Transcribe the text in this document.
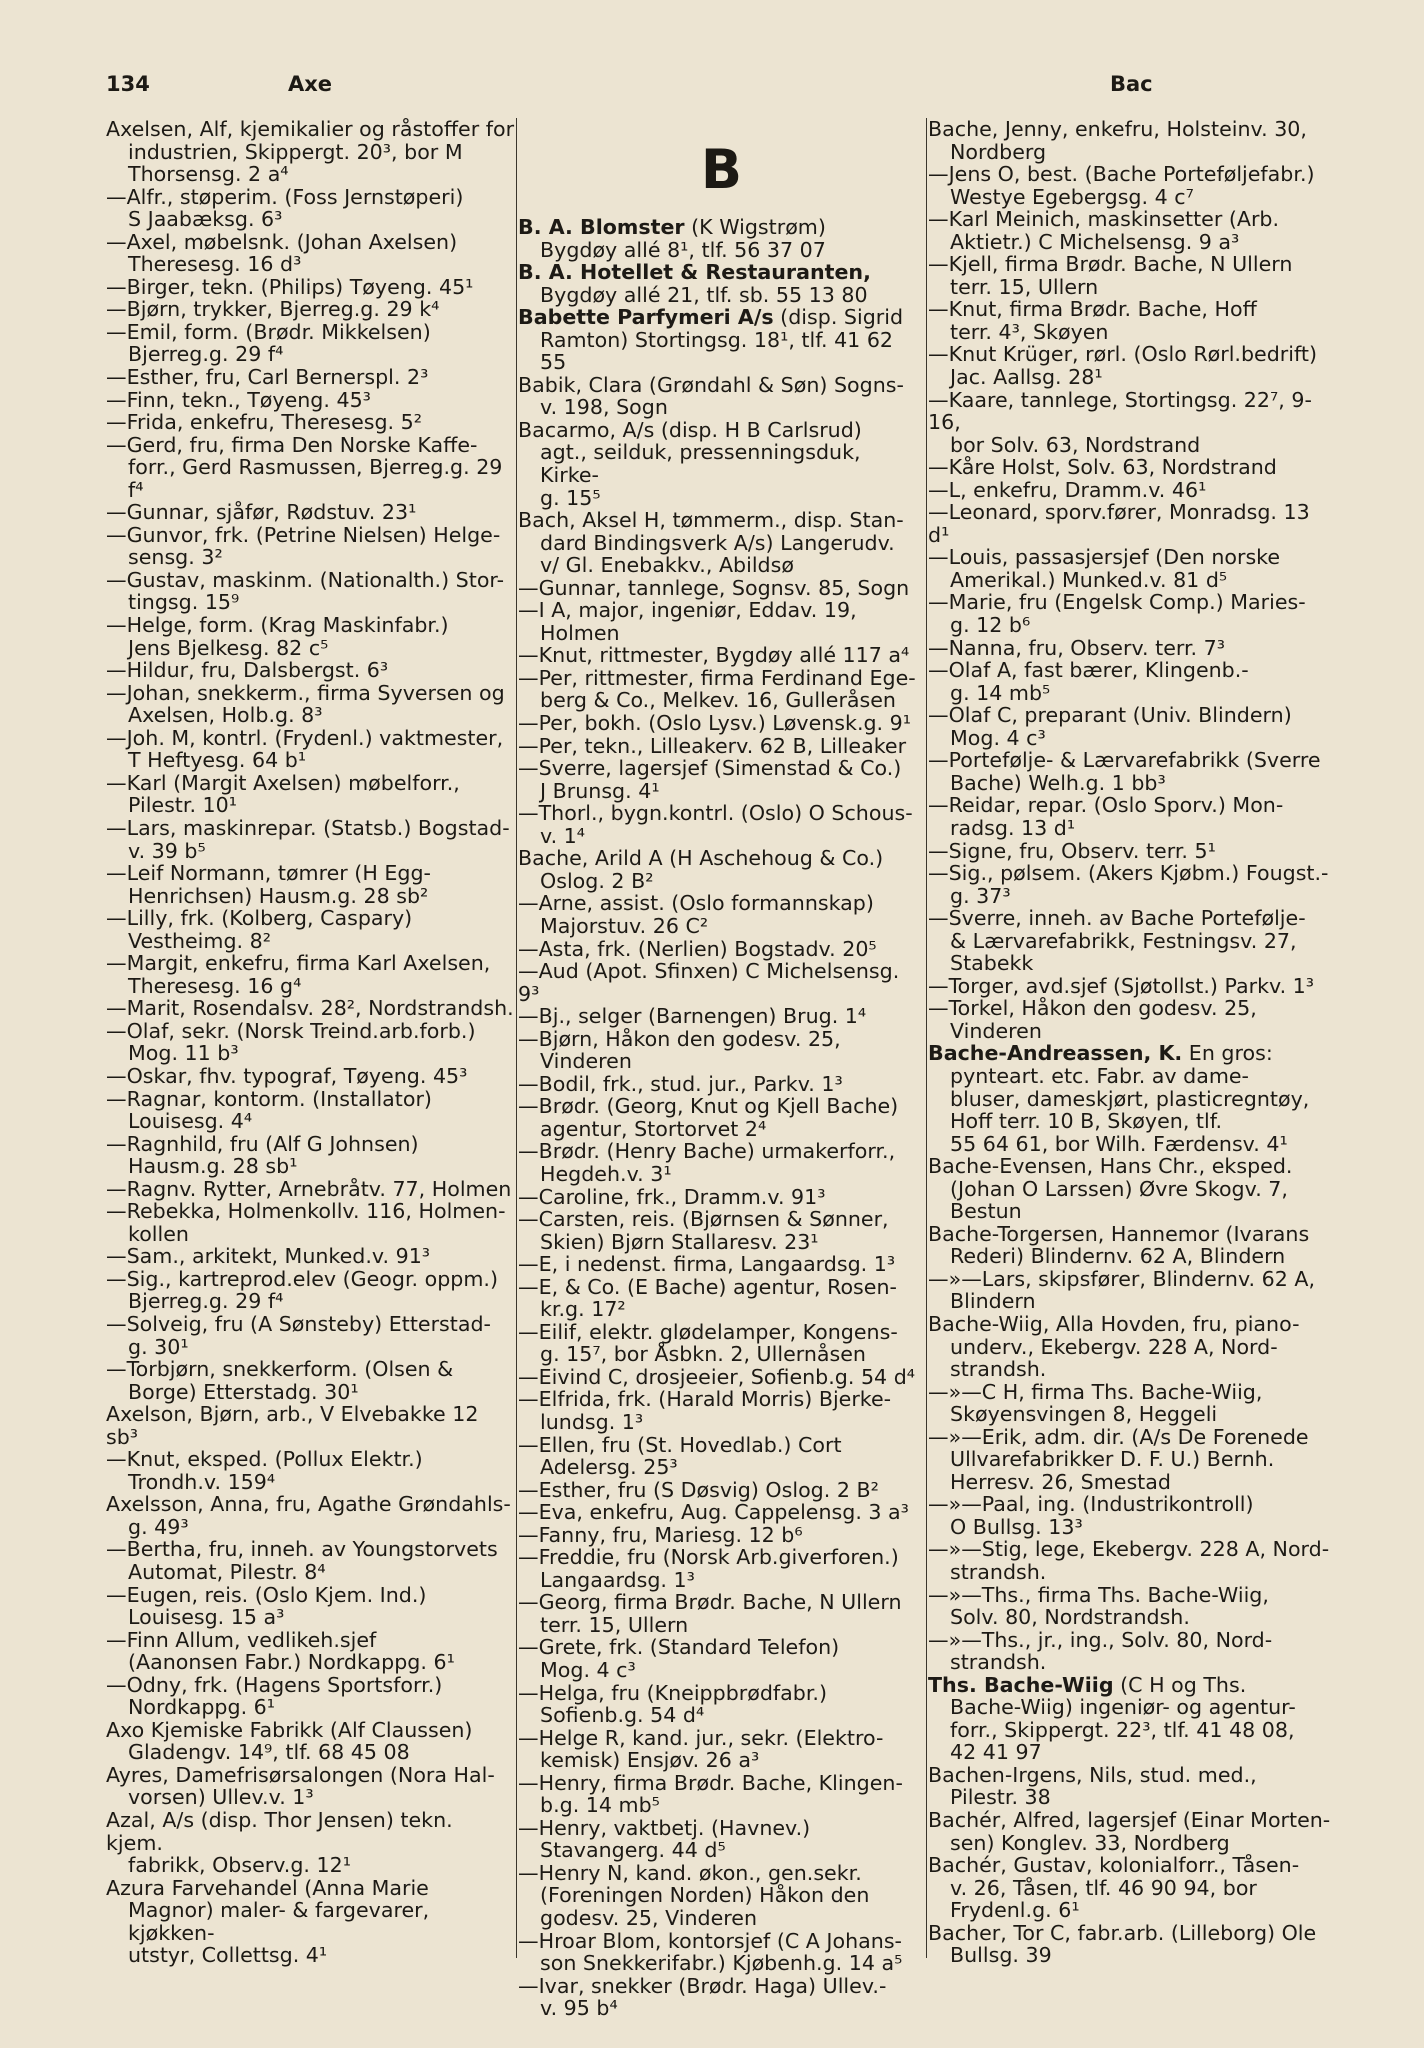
134	Axe	Bac
Axelsen, Alf, kjemikalier og råstoffer for
industrien, Skippergt. 20³, bor M
Thorsensg. 2 a⁴
—Alfr., støperim. (Foss Jernstøperi)
S Jaabæksg. 6³
—Axel, møbelsnk. (Johan Axelsen)
Theresesg. 16 d³
—Birger, tekn. (Philips) Tøyeng. 45¹
—Bjørn, trykker, Bjerreg.g. 29 k⁴
—Emil, form. (Brødr. Mikkelsen)
Bjerreg.g. 29 f⁴
—Esther, fru, Carl Bernerspl. 2³
—Finn, tekn., Tøyeng. 45³
—Frida, enkefru, Theresesg. 5²
—Gerd, fru, firma Den Norske Kaffe-
forr., Gerd Rasmussen, Bjerreg.g. 29 f⁴
—Gunnar, sjåfør, Rødstuv. 23¹
—Gunvor, frk. (Petrine Nielsen) Helge-
sensg. 3²
—Gustav, maskinm. (Nationalth.) Stor-
tingsg. 15⁹
—Helge, form. (Krag Maskinfabr.)
Jens Bjelkesg. 82 c⁵
—Hildur, fru, Dalsbergst. 6³
—Johan, snekkerm., firma Syversen og
Axelsen, Holb.g. 8³
—Joh. M, kontrl. (Frydenl.) vaktmester,
T Heftyesg. 64 b¹
—Karl (Margit Axelsen) møbelforr.,
Pilestr. 10¹
—Lars, maskinrepar. (Statsb.) Bogstad-
v. 39 b⁵
—Leif Normann, tømrer (H Egg-
Henrichsen) Hausm.g. 28 sb²
—Lilly, frk. (Kolberg, Caspary)
Vestheimg. 8²
—Margit, enkefru, firma Karl Axelsen,
Theresesg. 16 g⁴
—Marit, Rosendalsv. 28², Nordstrandsh.
—Olaf, sekr. (Norsk Treind.arb.forb.)
Mog. 11 b³
—Oskar, fhv. typograf, Tøyeng. 45³
—Ragnar, kontorm. (Installator)
Louisesg. 4⁴
—Ragnhild, fru (Alf G Johnsen)
Hausm.g. 28 sb¹
—Ragnv. Rytter, Arnebråtv. 77, Holmen
—Rebekka, Holmenkollv. 116, Holmen-
kollen
—Sam., arkitekt, Munked.v. 91³
—Sig., kartreprod.elev (Geogr. oppm.)
Bjerreg.g. 29 f⁴
—Solveig, fru (A Sønsteby) Etterstad-
g. 30¹
—Torbjørn, snekkerform. (Olsen &
Borge) Etterstadg. 30¹
Axelson, Bjørn, arb., V Elvebakke 12 sb³
—Knut, eksped. (Pollux Elektr.)
Trondh.v. 159⁴
Axelsson, Anna, fru, Agathe Grøndahls-
g. 49³
—Bertha, fru, inneh. av Youngstorvets
Automat, Pilestr. 8⁴
—Eugen, reis. (Oslo Kjem. Ind.)
Louisesg. 15 a³
—Finn Allum, vedlikeh.sjef
(Aanonsen Fabr.) Nordkappg. 6¹
—Odny, frk. (Hagens Sportsforr.)
Nordkappg. 6¹
Axo Kjemiske Fabrikk (Alf Claussen)
Gladengv. 14⁹, tlf. 68 45 08
Ayres, Damefrisørsalongen (Nora Hal-
vorsen) Ullev.v. 1³
Azal, A/s (disp. Thor Jensen) tekn. kjem.
fabrikk, Observ.g. 12¹
Azura Farvehandel (Anna Marie
Magnor) maler- & fargevarer, kjøkken-
utstyr, Collettsg. 4¹
B
B. A. Blomster (K Wigstrøm)
Bygdøy allé 8¹, tlf. 56 37 07
B. A. Hotellet & Restauranten,
Bygdøy allé 21, tlf. sb. 55 13 80
Babette Parfymeri A/s (disp. Sigrid
Ramton) Stortingsg. 18¹, tlf. 41 62 55
Babik, Clara (Grøndahl & Søn) Sogns-
v. 198, Sogn
Bacarmo, A/s (disp. H B Carlsrud)
agt., seilduk, pressenningsduk, Kirke-
g. 15⁵
Bach, Aksel H, tømmerm., disp. Stan-
dard Bindingsverk A/s) Langerudv.
v/ Gl. Enebakkv., Abildsø
—Gunnar, tannlege, Sognsv. 85, Sogn
—I A, major, ingeniør, Eddav. 19,
Holmen
—Knut, rittmester, Bygdøy allé 117 a⁴
—Per, rittmester, firma Ferdinand Ege-
berg & Co., Melkev. 16, Gulleråsen
—Per, bokh. (Oslo Lysv.) Løvensk.g. 9¹
—Per, tekn., Lilleakerv. 62 B, Lilleaker
—Sverre, lagersjef (Simenstad & Co.)
J Brunsg. 4¹
—Thorl., bygn.kontrl. (Oslo) O Schous-
v. 1⁴
Bache, Arild A (H Aschehoug & Co.)
Oslog. 2 B²
—Arne, assist. (Oslo formannskap)
Majorstuv. 26 C²
—Asta, frk. (Nerlien) Bogstadv. 20⁵
—Aud (Apot. Sfinxen) C Michelsensg. 9³
—Bj., selger (Barnengen) Brug. 1⁴
—Bjørn, Håkon den godesv. 25,
Vinderen
—Bodil, frk., stud. jur., Parkv. 1³
—Brødr. (Georg, Knut og Kjell Bache)
agentur, Stortorvet 2⁴
—Brødr. (Henry Bache) urmakerforr.,
Hegdeh.v. 3¹
—Caroline, frk., Dramm.v. 91³
—Carsten, reis. (Bjørnsen & Sønner,
Skien) Bjørn Stallaresv. 23¹
—E, i nedenst. firma, Langaardsg. 1³
—E, & Co. (E Bache) agentur, Rosen-
kr.g. 17²
—Eilif, elektr. glødelamper, Kongens-
g. 15⁷, bor Åsbkn. 2, Ullernåsen
—Eivind C, drosjeeier, Sofienb.g. 54 d⁴
—Elfrida, frk. (Harald Morris) Bjerke-
lundsg. 1³
—Ellen, fru (St. Hovedlab.) Cort
Adelersg. 25³
—Esther, fru (S Døsvig) Oslog. 2 B²
—Eva, enkefru, Aug. Cappelensg. 3 a³
—Fanny, fru, Mariesg. 12 b⁶
—Freddie, fru (Norsk Arb.giverforen.)
Langaardsg. 1³
—Georg, firma Brødr. Bache, N Ullern
terr. 15, Ullern
—Grete, frk. (Standard Telefon)
Mog. 4 c³
—Helga, fru (Kneippbrødfabr.)
Sofienb.g. 54 d⁴
—Helge R, kand. jur., sekr. (Elektro-
kemisk) Ensjøv. 26 a³
—Henry, firma Brødr. Bache, Klingen-
b.g. 14 mb⁵
—Henry, vaktbetj. (Havnev.)
Stavangerg. 44 d⁵
—Henry N, kand. økon., gen.sekr.
(Foreningen Norden) Håkon den
godesv. 25, Vinderen
—Hroar Blom, kontorsjef (C A Johans-
son Snekkerifabr.) Kjøbenh.g. 14 a⁵
—Ivar, snekker (Brødr. Haga) Ullev.-
v. 95 b⁴
Bache, Jenny, enkefru, Holsteinv. 30,
Nordberg
—Jens O, best. (Bache Porteføljefabr.)
Westye Egebergsg. 4 c⁷
—Karl Meinich, maskinsetter (Arb.
Aktietr.) C Michelsensg. 9 a³
—Kjell, firma Brødr. Bache, N Ullern
terr. 15, Ullern
—Knut, firma Brødr. Bache, Hoff
terr. 4³, Skøyen
—Knut Krüger, rørl. (Oslo Rørl.bedrift)
Jac. Aallsg. 28¹
—Kaare, tannlege, Stortingsg. 22⁷, 9-16,
bor Solv. 63, Nordstrand
—Kåre Holst, Solv. 63, Nordstrand
—L, enkefru, Dramm.v. 46¹
—Leonard, sporv.fører, Monradsg. 13 d¹
—Louis, passasjersjef (Den norske
Amerikal.) Munked.v. 81 d⁵
—Marie, fru (Engelsk Comp.) Maries-
g. 12 b⁶
—Nanna, fru, Observ. terr. 7³
—Olaf A, fast bærer, Klingenb.-
g. 14 mb⁵
—Olaf C, preparant (Univ. Blindern)
Mog. 4 c³
—Portefølje- & Lærvarefabrikk (Sverre
Bache) Welh.g. 1 bb³
—Reidar, repar. (Oslo Sporv.) Mon-
radsg. 13 d¹
—Signe, fru, Observ. terr. 5¹
—Sig., pølsem. (Akers Kjøbm.) Fougst.-
g. 37³
—Sverre, inneh. av Bache Portefølje-
& Lærvarefabrikk, Festningsv. 27,
Stabekk
—Torger, avd.sjef (Sjøtollst.) Parkv. 1³
—Torkel, Håkon den godesv. 25,
Vinderen
Bache-Andreassen, K. En gros:
pynteart. etc. Fabr. av dame-
bluser, dameskjørt, plasticregntøy,
Hoff terr. 10 B, Skøyen, tlf.
55 64 61, bor Wilh. Færdensv. 4¹
Bache-Evensen, Hans Chr., eksped.
(Johan O Larssen) Øvre Skogv. 7,
Bestun
Bache-Torgersen, Hannemor (Ivarans
Rederi) Blindernv. 62 A, Blindern
—»—Lars, skipsfører, Blindernv. 62 A,
Blindern
Bache-Wiig, Alla Hovden, fru, piano-
underv., Ekebergv. 228 A, Nord-
strandsh.
—»—C H, firma Ths. Bache-Wiig,
Skøyensvingen 8, Heggeli
—»—Erik, adm. dir. (A/s De Forenede
Ullvarefabrikker D. F. U.) Bernh.
Herresv. 26, Smestad
—»—Paal, ing. (Industrikontroll)
O Bullsg. 13³
—»—Stig, lege, Ekebergv. 228 A, Nord-
strandsh.
—»—Ths., firma Ths. Bache-Wiig,
Solv. 80, Nordstrandsh.
—»—Ths., jr., ing., Solv. 80, Nord-
strandsh.
Ths. Bache-Wiig (C H og Ths.
Bache-Wiig) ingeniør- og agentur-
forr., Skippergt. 22³, tlf. 41 48 08,
42 41 97
Bachen-Irgens, Nils, stud. med.,
Pilestr. 38
Bachér, Alfred, lagersjef (Einar Morten-
sen) Konglev. 33, Nordberg
Bachér, Gustav, kolonialforr., Tåsen-
v. 26, Tåsen, tlf. 46 90 94, bor
Frydenl.g. 6¹
Bacher, Tor C, fabr.arb. (Lilleborg) Ole
Bullsg. 39
